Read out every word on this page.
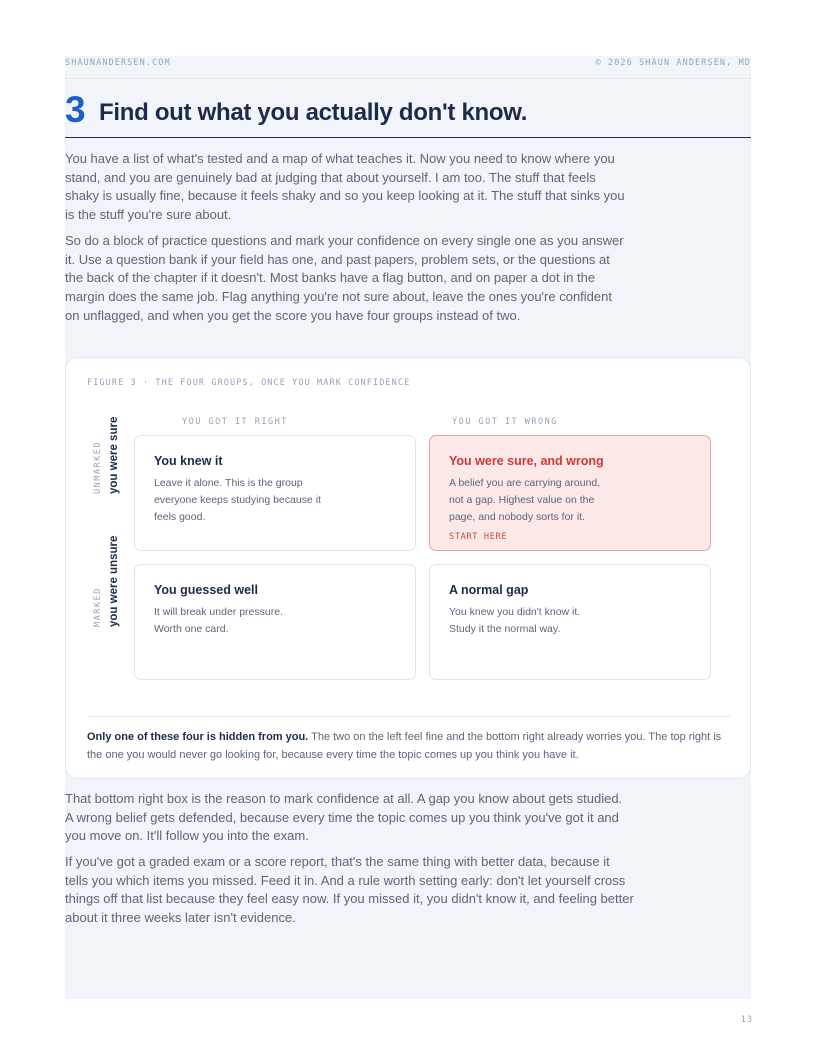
SHAUNANDERSEN.COM	© 2026 SHAUN ANDERSEN, MD
3 Find out what you actually don't know.

You have a list of what's tested and a map of what teaches it. Now you need to know where you stand, and you are genuinely bad at judging that about yourself. I am too. The stuff that feels shaky is usually fine, because it feels shaky and so you keep looking at it. The stuff that sinks you is the stuff you're sure about.

So do a block of practice questions and mark your confidence on every single one as you answer it. Use a question bank if your field has one, and past papers, problem sets, or the questions at the back of the chapter if it doesn't. Most banks have a flag button, and on paper a dot in the margin does the same job. Flag anything you're not sure about, leave the ones you're confident on unflagged, and when you get the score you have four groups instead of two.

FIGURE 3 · THE FOUR GROUPS, ONCE YOU MARK CONFIDENCE
YOU GOT IT RIGHT	YOU GOT IT WRONG
UNMARKED you were sure
MARKED you were unsure
You knew it
Leave it alone. This is the group everyone keeps studying because it feels good.
You were sure, and wrong
A belief you are carrying around, not a gap. Highest value on the page, and nobody sorts for it.
START HERE
You guessed well
It will break under pressure. Worth one card.
A normal gap
You knew you didn't know it. Study it the normal way.
Only one of these four is hidden from you. The two on the left feel fine and the bottom right already worries you. The top right is the one you would never go looking for, because every time the topic comes up you think you have it.

That bottom right box is the reason to mark confidence at all. A gap you know about gets studied. A wrong belief gets defended, because every time the topic comes up you think you've got it and you move on. It'll follow you into the exam.

If you've got a graded exam or a score report, that's the same thing with better data, because it tells you which items you missed. Feed it in. And a rule worth setting early: don't let yourself cross things off that list because they feel easy now. If you missed it, you didn't know it, and feeling better about it three weeks later isn't evidence.

13
